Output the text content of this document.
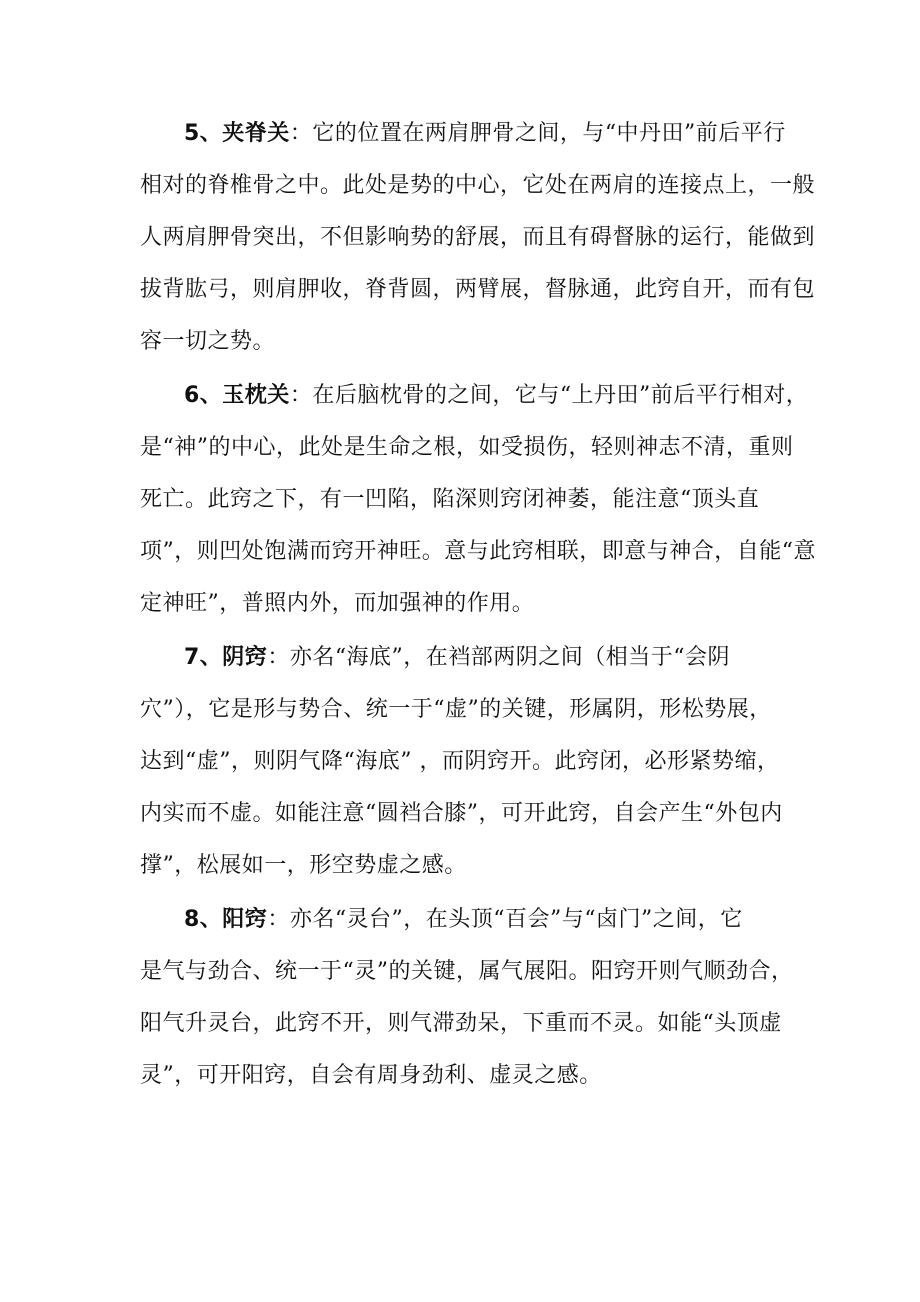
5、夹脊关：它的位置在两肩胛骨之间，与“中丹田”前后平行
相对的脊椎骨之中。此处是势的中心，它处在两肩的连接点上，一般
人两肩胛骨突出，不但影响势的舒展，而且有碍督脉的运行，能做到
拔背肱弓，则肩胛收，脊背圆，两臂展，督脉通，此窍自开，而有包
容一切之势。
6、玉枕关：在后脑枕骨的之间，它与“上丹田”前后平行相对，
是“神”的中心，此处是生命之根，如受损伤，轻则神志不清，重则
死亡。此窍之下，有一凹陷，陷深则窍闭神萎，能注意“顶头直
项”，则凹处饱满而窍开神旺。意与此窍相联，即意与神合，自能“意
定神旺”，普照内外，而加强神的作用。
7、阴窍：亦名“海底”，在裆部两阴之间（相当于“会阴
穴”），它是形与势合、统一于“虚”的关键，形属阴，形松势展，
达到“虚”，则阴气降“海底” ，而阴窍开。此窍闭，必形紧势缩，
内实而不虚。如能注意“圆裆合膝”，可开此窍，自会产生“外包内
撑”，松展如一，形空势虚之感。
8、阳窍：亦名“灵台”，在头顶“百会”与“卤门”之间，它
是气与劲合、统一于“灵”的关键，属气展阳。阳窍开则气顺劲合，
阳气升灵台，此窍不开，则气滞劲呆，下重而不灵。如能“头顶虚
灵”，可开阳窍，自会有周身劲利、虚灵之感。
